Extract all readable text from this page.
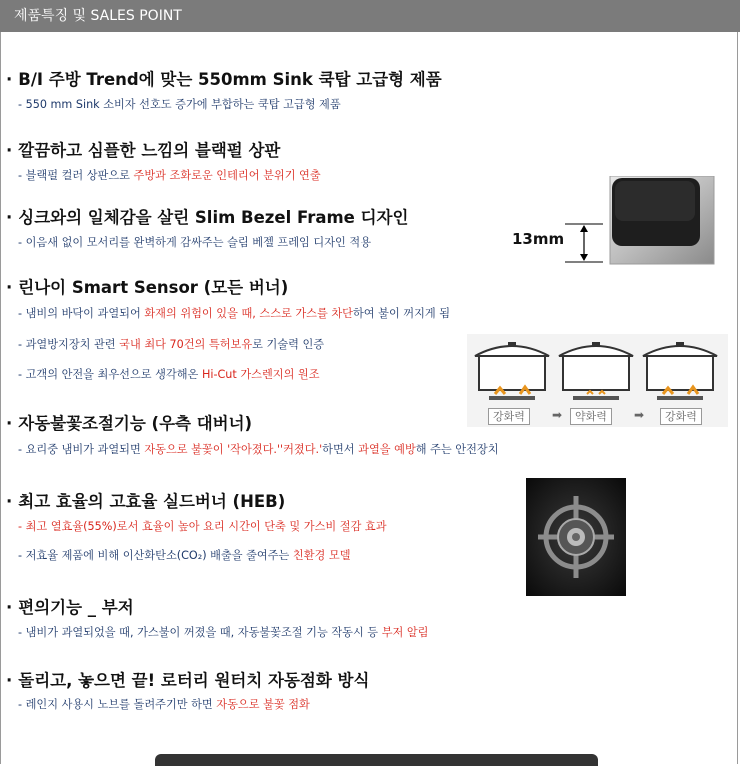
제품특징 및 SALES POINT
· B/I 주방 Trend에 맞는 550mm Sink 쿡탑 고급형 제품
- 550 mm Sink 소비자 선호도 증가에 부합하는 쿡탑 고급형 제품
· 깔끔하고 심플한 느낌의 블랙펄 상판
- 블랙펄 컬러 상판으로 주방과 조화로운 인테리어 분위기 연출
· 싱크와의 일체감을 살린 Slim Bezel Frame 디자인
- 이음새 없이 모서리를 완벽하게 감싸주는 슬림 베젤 프레임 디자인 적용
· 린나이 Smart Sensor (모든 버너)
- 냄비의 바닥이 과열되어 화재의 위험이 있을 때, 스스로 가스를 차단하여 불이 꺼지게 됨
- 과열방지장치 관련 국내 최다 70건의 특허보유로 기술력 인증
- 고객의 안전을 최우선으로 생각해온 Hi-Cut 가스렌지의 원조
· 자동불꽃조절기능 (우측 대버너)
- 요리중 냄비가 과열되면 자동으로 불꽃이 '작아졌다.''커졌다.'하면서 과열을 예방해 주는 안전장치
· 최고 효율의 고효율 실드버너 (HEB)
- 최고 열효율(55%)로서 효율이 높아 요리 시간이 단축 및 가스비 절감 효과
- 저효율 제품에 비해 이산화탄소(CO₂) 배출을 줄여주는 친환경 모델
· 편의기능 _ 부저
- 냄비가 과열되었을 때, 가스불이 꺼졌을 때, 자동불꽃조절 기능 작동시 등 부저 알림
· 돌리고, 놓으면 끝! 로터리 원터치 자동점화 방식
- 레인지 사용시 노브를 돌려주기만 하면 자동으로 불꽃 점화
13mm
강화력	➡	약화력	➡	강화력
